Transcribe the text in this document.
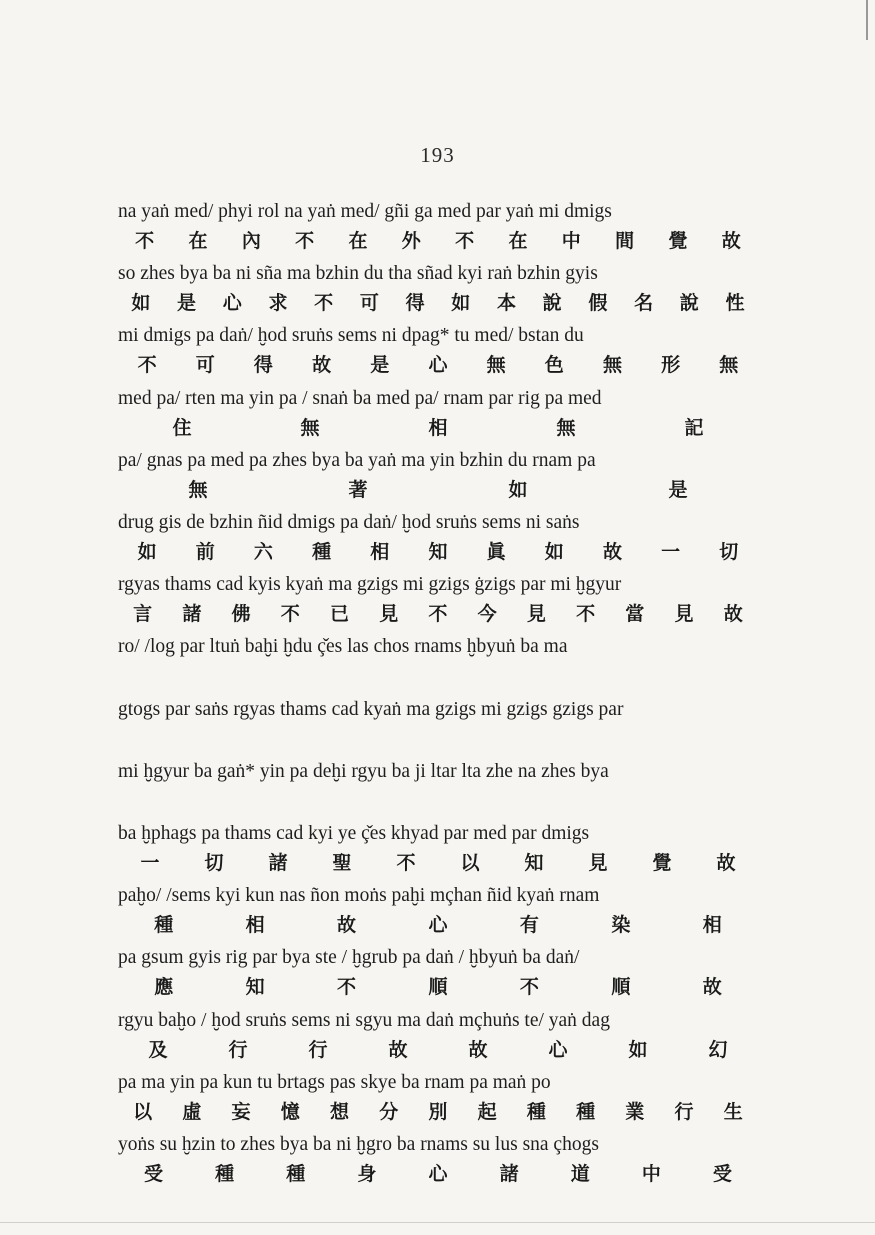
193
na yaṅ med/ phyi rol na yaṅ med/ gñi ga med par yaṅ mi dmigs
不 在 內 不 在 外 不 在 中 間 覺 故
so zhes bya ba ni sña ma bzhin du tha sñad kyi raṅ bzhin gyis
如 是 心 求 不 可 得 如 本 說 假 名 說 性
mi dmigs pa daṅ/ ḫod sruṅs sems ni dpag* tu med/ bstan du
不 可 得 故 是 心 無 色 無 形 無
med pa/ rten ma yin pa / snaṅ ba med pa/ rnam par rig pa med
住	無	相	無	記
pa/ gnas pa med pa zhes bya ba yaṅ ma yin bzhin du rnam pa
無	著	如	是
drug gis de bzhin ñid dmigs pa daṅ/ ḫod sruṅs sems ni saṅs
如 前 六 種 相 知 眞 如 故 一 切
rgyas thams cad kyis kyaṅ ma gzigs mi gzigs ġzigs par mi ḫgyur
言 諸 佛 不 已 見 不 今 見 不 當 見 故
ro/ /log par ltuṅ baḫi ḫdu ç̌es las chos rnams ḫbyuṅ ba ma
gtogs par saṅs rgyas thams cad kyaṅ ma gzigs mi gzigs gzigs par
mi ḫgyur ba gaṅ* yin pa deḫi rgyu ba ji ltar lta zhe na zhes bya
ba ḫphags pa thams cad kyi ye ç̌es khyad par med par dmigs
一 切 諸 聖 不 以 知 見 覺 故
paḫo/ /sems kyi kun nas ñon moṅs paḫi mçhan ñid kyaṅ rnam
種	相	故	心	有	染	相
pa gsum gyis rig par bya ste / ḫgrub pa daṅ / ḫbyuṅ ba daṅ/
應	知	不	順	不	順	故
rgyu baḫo / ḫod sruṅs sems ni sgyu ma daṅ mçhuṅs te/ yaṅ dag
及	行	行	故	故	心	如	幻
pa ma yin pa kun tu brtags pas skye ba rnam pa maṅ po
以 虛 妄 憶 想 分 別 起 種 種 業 行 生
yoṅs su ḫzin to zhes bya ba ni ḫgro ba rnams su lus sna çhogs
受	種	種	身	心	諸	道	中	受
